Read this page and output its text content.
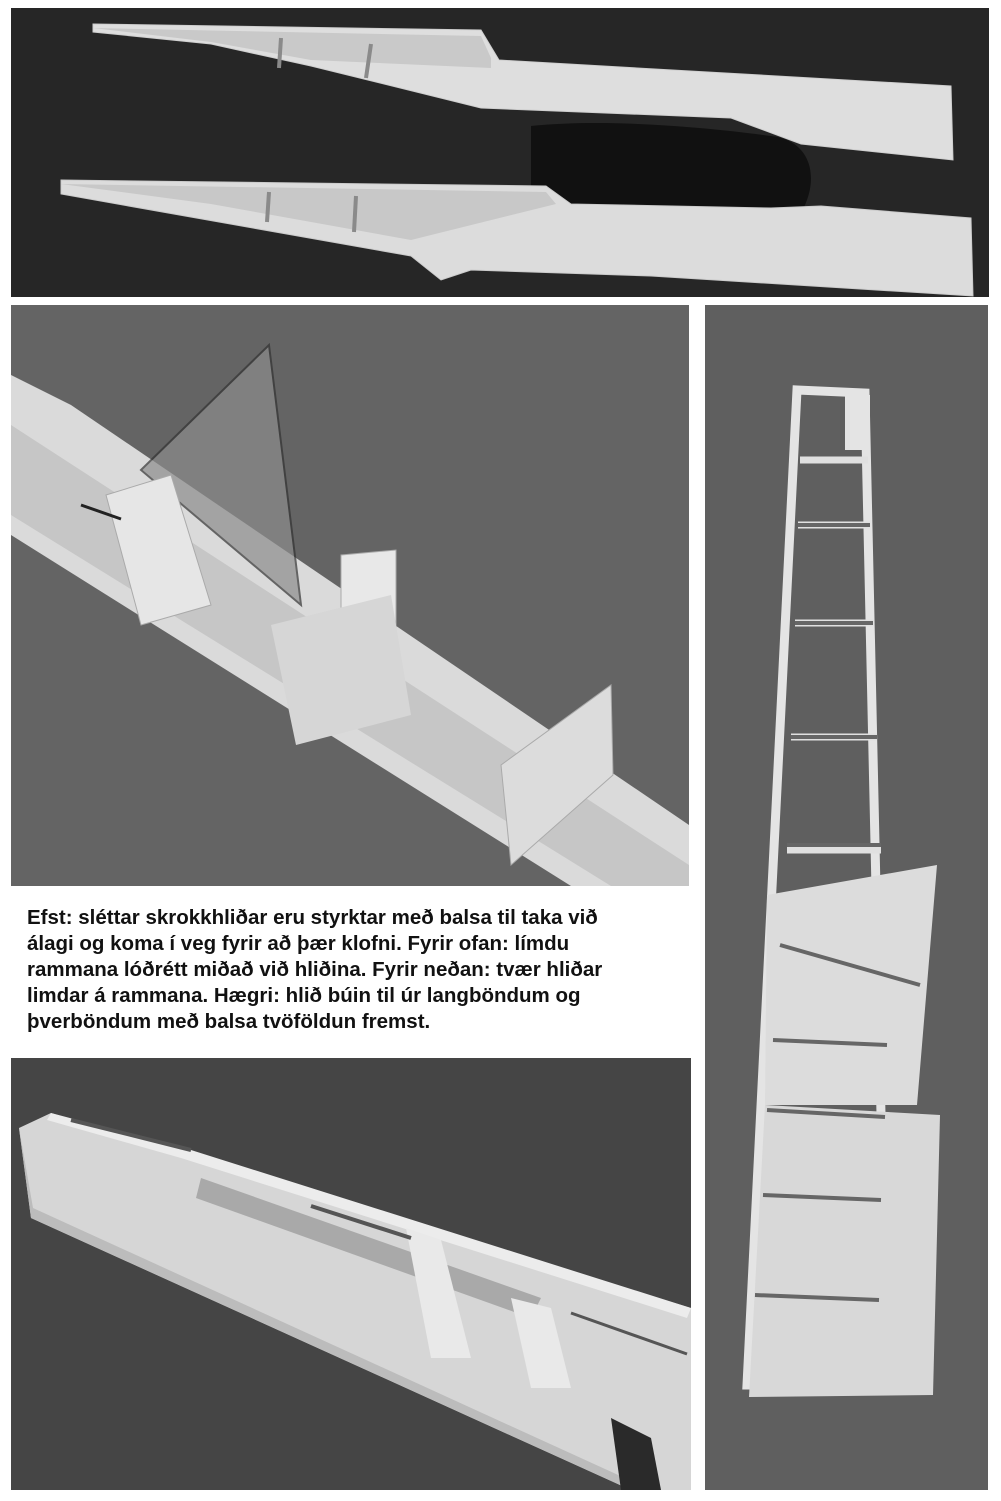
Efst: sléttar skrokkhliðar eru styrktar með balsa til taka við
álagi og koma í veg fyrir að þær klofni. Fyrir ofan: límdu
rammana lóðrétt miðað við hliðina. Fyrir neðan: tvær hliðar
limdar á rammana. Hægri: hlið búin til úr langböndum og
þverböndum með balsa tvöföldun fremst.
